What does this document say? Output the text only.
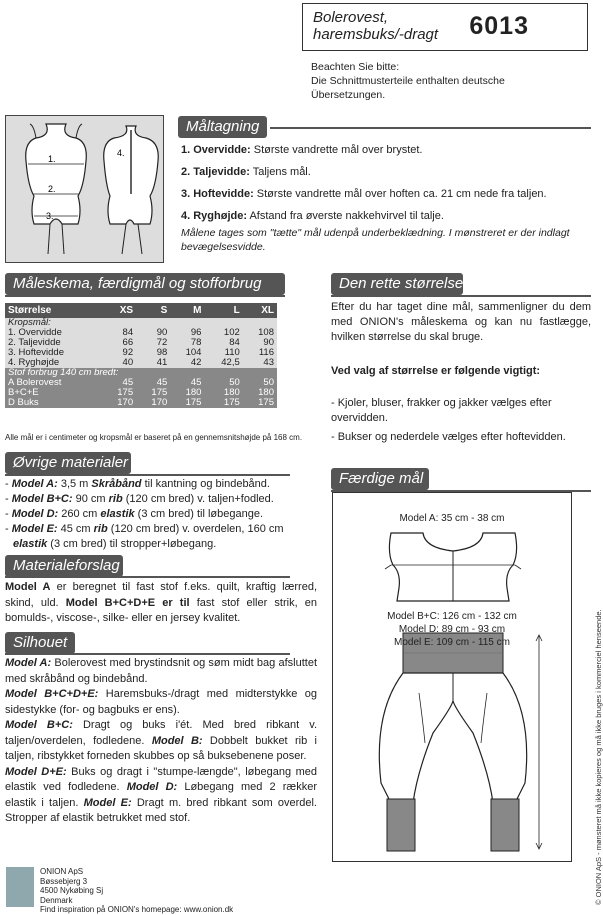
Bolerovest,
haremsbuks/-dragt 6013
Beachten Sie bitte:
Die Schnittmusterteile enthalten deutsche
Übersetzungen.
Måltagning
1.
2.
3.
4.	1. Overvidde: Største vandrette mål over brystet.
2. Taljevidde: Taljens mål.
3. Hoftevidde: Største vandrette mål over hoften ca. 21 cm nede fra taljen.
4. Ryghøjde: Afstand fra øverste nakkehvirvel til talje.
Målene tages som "tætte" mål udenpå underbeklædning. I mønstreret er der indlagt bevægelsesvidde.
Måleskema, færdigmål og stofforbrug
Størrelse	XS	S	M	L	XL
Kropsmål:					
1. Overvidde	84	90	96	102	108
2. Taljevidde	66	72	78	84	90
3. Hoftevidde	92	98	104	110	116
4. Ryghøjde	40	41	42	42,5	43
Stof forbrug 140 cm bredt:					
A Bolerovest	45	45	45	50	50
B+C+E	175	175	180	180	180
D Buks	170	170	175	175	175
Alle mål er i centimeter og kropsmål er baseret på en gennemsnitshøjde på 168 cm.
Øvrige materialer
- Model A: 3,5 m Skråbånd til kantning og bindebånd.
- Model B+C: 90 cm rib (120 cm bred) v. taljen+fodled.
- Model D: 260 cm elastik (3 cm bred) til løbegange.
- Model E: 45 cm rib (120 cm bred) v. overdelen, 160 cm
elastik (3 cm bred) til stropper+løbegang.
Materialeforslag
Model A er beregnet til fast stof f.eks. quilt, kraftig lærred, skind, uld. Model B+C+D+E er til fast stof eller strik, en bomulds-, viscose-, silke- eller en jersey kvalitet.
Silhouet
Model A: Bolerovest med brystindsnit og søm midt bag afsluttet med skråbånd og bindebånd.
Model B+C+D+E: Haremsbuks-/dragt med midterstykke og sidestykke (for- og bagbuks er ens).
Model B+C: Dragt og buks i'ét. Med bred ribkant v. taljen/overdelen, fodledene. Model B: Dobbelt bukket rib i taljen, ribstykket forneden skubbes op så buksebenene poser.
Model D+E: Buks og dragt i "stumpe-længde", løbegang med elastik ved fodledene. Model D: Løbegang med 2 rækker elastik i taljen. Model E: Dragt m. bred ribkant som overdel. Stropper af elastik betrukket med stof.
Den rette størrelse
Efter du har taget dine mål, sammenligner du dem med ONION's måleskema og kan nu fastlægge, hvilken størrelse du skal bruge.
Ved valg af størrelse er følgende vigtigt:
- Kjoler, bluser, frakker og jakker vælges efter overvidden.
- Bukser og nederdele vælges efter hoftevidden.
Færdige mål
Model A: 35 cm - 38 cm
Model B+C: 126 cm - 132 cm
Model D: 89 cm - 93 cm
Model E: 109 cm - 115 cm
ONION ApS
Bøssebjerg 3
4500 Nykøbing Sj
Denmark
Find inspiration på ONION's homepage: www.onion.dk
© ONION ApS - mønsteret må ikke kopieres og må ikke bruges i kommerciel henseende.
